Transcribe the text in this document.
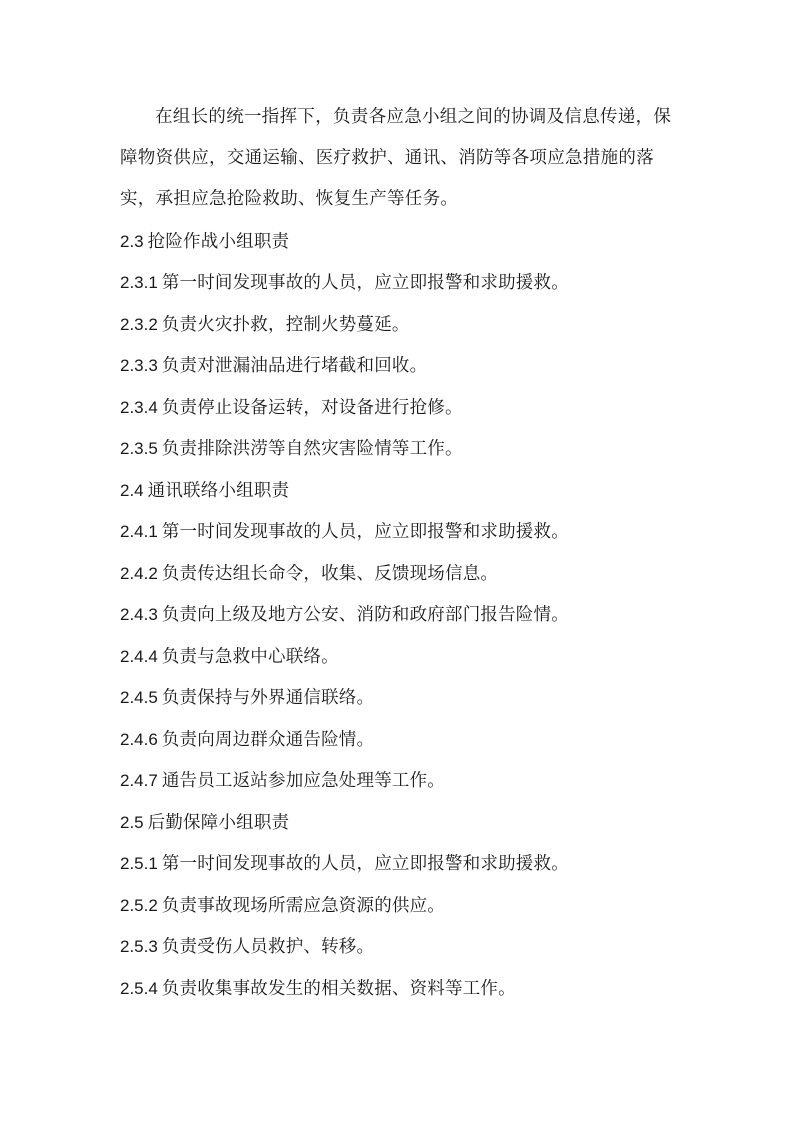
在组长的统一指挥下，负责各应急小组之间的协调及信息传递，保障物资供应，交通运输、医疗救护、通讯、消防等各项应急措施的落实，承担应急抢险救助、恢复生产等任务。

2.3 抢险作战小组职责
2.3.1 第一时间发现事故的人员，应立即报警和求助援救。
2.3.2 负责火灾扑救，控制火势蔓延。
2.3.3 负责对泄漏油品进行堵截和回收。
2.3.4 负责停止设备运转，对设备进行抢修。
2.3.5 负责排除洪涝等自然灾害险情等工作。
2.4 通讯联络小组职责
2.4.1 第一时间发现事故的人员，应立即报警和求助援救。
2.4.2 负责传达组长命令，收集、反馈现场信息。
2.4.3 负责向上级及地方公安、消防和政府部门报告险情。
2.4.4 负责与急救中心联络。
2.4.5 负责保持与外界通信联络。
2.4.6 负责向周边群众通告险情。
2.4.7 通告员工返站参加应急处理等工作。
2.5 后勤保障小组职责
2.5.1 第一时间发现事故的人员，应立即报警和求助援救。
2.5.2 负责事故现场所需应急资源的供应。
2.5.3 负责受伤人员救护、转移。
2.5.4 负责收集事故发生的相关数据、资料等工作。
